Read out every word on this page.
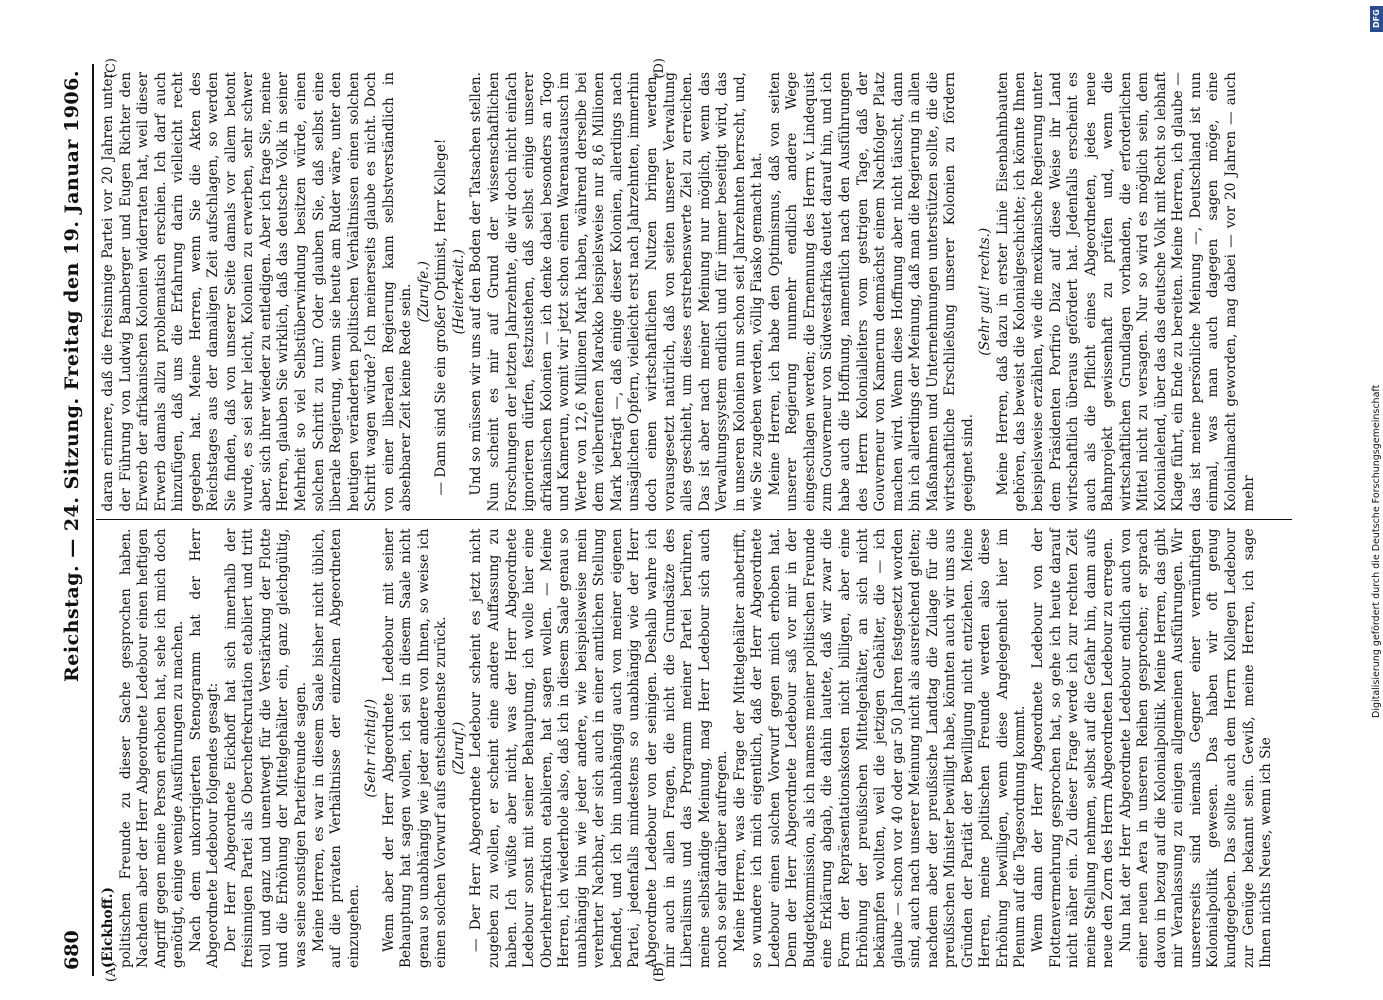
680
Reichstag. — 24. Sitzung. Freitag den 19. Januar 1906.
(A)	(B)
(C)	(D)

(Eickhoff.) politischen Freunde zu dieser Sache gesprochen haben. Nachdem aber der Herr Abgeordnete Ledebour einen heftigen Angriff gegen meine Person erhoben hat, sehe ich mich doch genötigt, einige wenige Ausführungen zu machen. Nach dem unkorrigierten Stenogramm hat der Herr Abgeordnete Ledebour folgendes gesagt: Der Herr Abgeordnete Eickhoff hat sich innerhalb der freisinnigen Partei als Oberchefrekrutation etabliert und tritt voll und ganz und unentwegt für die Verstärkung der Flotte und die Erhöhung der Mittelgehälter ein, ganz gleichgültig, was seine sonstigen Parteifreunde sagen. Meine Herren, es war in diesem Saale bisher nicht üblich, auf die privaten Verhältnisse der einzelnen Abgeordneten einzugehen.

(Sehr richtig!) Wenn aber der Herr Abgeordnete Ledebour mit seiner Behauptung hat sagen wollen, ich sei in diesem Saale nicht genau so unabhängig wie jeder andere von Ihnen, so weise ich einen solchen Vorwurf aufs entschiedenste zurück. (Zuruf.) — Der Herr Abgeordnete Ledebour scheint es jetzt nicht zugeben zu wollen, er scheint eine andere Auffassung zu haben. Ich wüßte aber nicht, was der Herr Abgeordnete Ledebour sonst mit seiner Behauptung, ich wolle hier eine Oberlehrerfraktion etablieren, hat sagen wollen. — Meine Herren, ich wiederhole also, daß ich in diesem Saale genau so unabhängig bin wie jeder andere, wie beispielsweise mein verehrter Nachbar, der sich auch in einer amtlichen Stellung befindet, und ich bin unabhängig auch von meiner eigenen Partei, jedenfalls mindestens so unabhängig wie der Herr Abgeordnete Ledebour von der seinigen. Deshalb wahre ich mir auch in allen Fragen, die nicht die Grundsätze des Liberalismus und das Programm meiner Partei berühren, meine selbständige Meinung, mag Herr Ledebour sich auch noch so sehr darüber aufregen. Meine Herren, was die Frage der Mittelgehälter anbetrifft, so wundere ich mich eigentlich, daß der Herr Abgeordnete Ledebour einen solchen Vorwurf gegen mich erhoben hat. Denn der Herr Abgeordnete Ledebour saß vor mir in der Budgetkommission, als ich namens meiner politischen Freunde eine Erklärung abgab, die dahin lautete, daß wir zwar die Form der Repräsentationskosten nicht billigen, aber eine Erhöhung der preußischen Mittelgehälter, an sich nicht bekämpfen wollten, weil die jetzigen Gehälter, die — ich glaube — schon vor 40 oder gar 50 Jahren festgesetzt worden sind, auch nach unserer Meinung nicht als ausreichend gelten; nachdem aber der preußische Landtag die Zulage für die preußischen Minister bewilligt habe, könnten auch wir uns aus Gründen der Parität der Bewilligung nicht entziehen. Meine Herren, meine politischen Freunde werden also diese Erhöhung bewilligen, wenn diese Angelegenheit hier im Plenum auf die Tagesordnung kommt. Wenn dann der Herr Abgeordnete Ledebour von der Flottenvermehrung gesprochen hat, so gehe ich heute darauf nicht näher ein. Zu dieser Frage werde ich zur rechten Zeit meine Stellung nehmen, selbst auf die Gefahr hin, dann aufs neue den Zorn des Herrn Abgeordneten Ledebour zu erregen. Nun hat der Herr Abgeordnete Ledebour endlich auch von einer neuen Aera in unseren Reihen gesprochen; er sprach davon in bezug auf die Kolonialpolitik. Meine Herren, das gibt mir Veranlassung zu einigen allgemeinen Ausführungen. Wir unsererseits sind niemals Gegner einer vernünftigen Kolonialpolitik gewesen. Das haben wir oft genug kundgegeben. Das sollte auch dem Herrn Kollegen Ledebour zur Genüge bekannt sein. Gewiß, meine Herren, ich sage Ihnen nichts Neues, wenn ich Sie

daran erinnere, daß die freisinnige Partei vor 20 Jahren unter der Führung von Ludwig Bamberger und Eugen Richter den Erwerb der afrikanischen Kolonien widerraten hat, weil dieser Erwerb damals allzu problematisch erschien. Ich darf auch hinzufügen, daß uns die Erfahrung darin vielleicht recht gegeben hat. Meine Herren, wenn Sie die Akten des Reichstages aus der damaligen Zeit aufschlagen, so werden Sie finden, daß von unserer Seite damals vor allem betont wurde, es sei sehr leicht, Kolonien zu erwerben, sehr schwer aber, sich ihrer wieder zu entledigen. Aber ich frage Sie, meine Herren, glauben Sie wirklich, daß das deutsche Volk in seiner Mehrheit so viel Selbstüberwindung besitzen würde, einen solchen Schritt zu tun? Oder glauben Sie, daß selbst eine liberale Regierung, wenn sie heute am Ruder wäre, unter den heutigen veränderten politischen Verhältnissen einen solchen Schritt wagen würde? Ich meinerseits glaube es nicht. Doch von einer liberalen Regierung kann selbstverständlich in absehbarer Zeit keine Rede sein. (Zurufe.) — Dann sind Sie ein großer Optimist, Herr Kollege! (Heiterkeit.) Und so müssen wir uns auf den Boden der Tatsachen stellen. Nun scheint es mir auf Grund der wissenschaftlichen Forschungen der letzten Jahrzehnte, die wir doch nicht einfach ignorieren dürfen, festzustehen, daß selbst einige unserer afrikanischen Kolonien — ich denke dabei besonders an Togo und Kamerun, womit wir jetzt schon einen Warenaustausch im Werte von 12,6 Millionen Mark haben, während derselbe bei dem vielberufenen Marokko beispielsweise nur 8,6 Millionen Mark beträgt —, daß einige dieser Kolonien, allerdings nach unsäglichen Opfern, vielleicht erst nach Jahrzehnten, immerhin doch einen wirtschaftlichen Nutzen bringen werden, vorausgesetzt natürlich, daß von seiten unserer Verwaltung alles geschieht, um dieses erstrebenswerte Ziel zu erreichen. Das ist aber nach meiner Meinung nur möglich, wenn das Verwaltungssystem endlich und für immer beseitigt wird, das in unseren Kolonien nun schon seit Jahrzehnten herrscht, und, wie Sie zugeben werden, völlig Fiasko gemacht hat. Meine Herren, ich habe den Optimismus, daß von seiten unserer Regierung nunmehr endlich andere Wege eingeschlagen werden; die Ernennung des Herrn v. Lindequist zum Gouverneur von Südwestafrika deutet darauf hin, und ich habe auch die Hoffnung, namentlich nach den Ausführungen des Herrn Kolonialleiters vom gestrigen Tage, daß der Gouverneur von Kamerun demnächst einem Nachfolger Platz machen wird. Wenn diese Hoffnung aber nicht täuscht, dann bin ich allerdings der Meinung, daß man die Regierung in allen Maßnahmen und Unternehmungen unterstützen sollte, die die wirtschaftliche Erschließung unserer Kolonien zu fördern geeignet sind.

(Sehr gut! rechts.) Meine Herren, daß dazu in erster Linie Eisenbahnbauten gehören, das beweist die Kolonialgeschichte; ich könnte Ihnen beispielsweise erzählen, wie die mexikanische Regierung unter dem Präsidenten Porfirio Diaz auf diese Weise ihr Land wirtschaftlich überaus gefördert hat. Jedenfalls erscheint es auch als die Pflicht eines Abgeordneten, jedes neue Bahnprojekt gewissenhaft zu prüfen und, wenn die wirtschaftlichen Grundlagen vorhanden, die erforderlichen Mittel nicht zu versagen. Nur so wird es möglich sein, dem Kolonialelend, über das das deutsche Volk mit Recht so lebhaft Klage führt, ein Ende zu bereiten. Meine Herren, ich glaube — das ist meine persönliche Meinung —, Deutschland ist nun einmal, was man auch dagegen sagen möge, eine Kolonialmacht geworden, mag dabei — vor 20 Jahren — auch mehr

DFG
Digitalisierung gefördert durch die Deutsche Forschungsgemeinschaft
